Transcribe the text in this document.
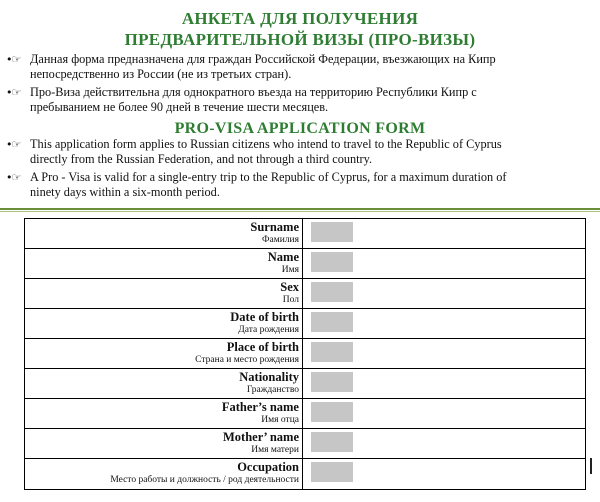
АНКЕТА ДЛЯ ПОЛУЧЕНИЯ
ПРЕДВАРИТЕЛЬНОЙ ВИЗЫ (ПРО-ВИЗЫ)
•☞ Данная форма предназначена для граждан Российской Федерации, въезжающих на Кипр
непосредственно из России (не из третьих стран).
•☞ Про-Виза действительна для однократного въезда на территорию Республики Кипр с
пребыванием не более 90 дней в течение шести месяцев.
PRO-VISA APPLICATION FORM
•☞ This application form applies to Russian citizens who intend to travel to the Republic of Cyprus
directly from the Russian Federation, and not through a third country.
•☞ A Pro - Visa is valid for a single-entry trip to the Republic of Cyprus, for a maximum duration of
ninety days within a six-month period.
Surname
Фамилия
Name
Имя
Sex
Пол
Date of birth
Дата рождения
Place of birth
Страна и место рождения
Nationality
Гражданство
Father’s name
Имя отца
Mother’ name
Имя матери
Occupation
Место работы и должность / род деятельности
